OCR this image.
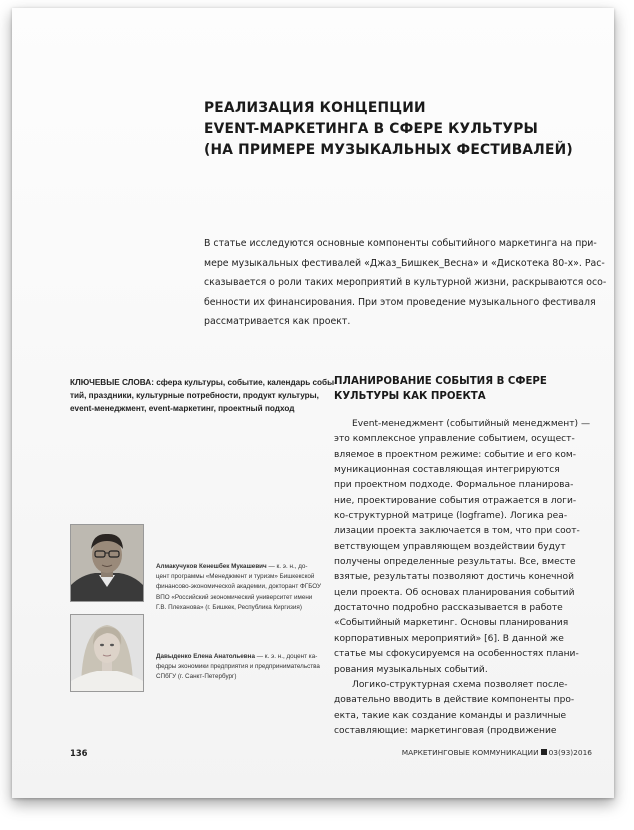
РЕАЛИЗАЦИЯ КОНЦЕПЦИИ
EVENT-МАРКЕТИНГА В СФЕРЕ КУЛЬТУРЫ
(НА ПРИМЕРЕ МУЗЫКАЛЬНЫХ ФЕСТИВАЛЕЙ)

В статье исследуются основные компоненты событийного маркетинга на при-
мере музыкальных фестивалей «Джаз_Бишкек_Весна» и «Дискотека 80-х». Рас-
сказывается о роли таких мероприятий в культурной жизни, раскрываются осо-
бенности их финансирования. При этом проведение музыкального фестиваля
рассматривается как проект.

КЛЮЧЕВЫЕ СЛОВА: сфера культуры, событие, календарь собы-
тий, праздники, культурные потребности, продукт культуры,
event-менеджмент, event-маркетинг, проектный подход
ПЛАНИРОВАНИЕ СОБЫТИЯ В СФЕРЕ
КУЛЬТУРЫ КАК ПРОЕКТА
Event-менеджмент (событийный менеджмент) —
это комплексное управление событием, осущест-
вляемое в проектном режиме: событие и его ком-
муникационная составляющая интегрируются
при проектном подходе. Формальное планирова-
ние, проектирование события отражается в логи-
ко-структурной матрице (logframe). Логика реа-
лизации проекта заключается в том, что при соот-
ветствующем управляющем воздействии будут
получены определенные результаты. Все, вместе
взятые, результаты позволяют достичь конечной
цели проекта. Об основах планирования событий
достаточно подробно рассказывается в работе
«Событийный маркетинг. Основы планирования
корпоративных мероприятий» [6]. В данной же
статье мы сфокусируемся на особенностях плани-
рования музыкальных событий.
Логико-структурная схема позволяет после-
довательно вводить в действие компоненты про-
екта, такие как создание команды и различные
составляющие: маркетинговая (продвижение
Алмакучуков Кенешбек Мукашевич — к. э. н., до-
цент программы «Менеджмент и туризм» Бишкекской
финансово-экономической академии, докторант ФГБОУ
ВПО «Российский экономический университет имени
Г.В. Плеханова» (г. Бишкек, Республика Киргизия)
Давыденко Елена Анатольевна — к. э. н., доцент ка-
федры экономики предприятия и предпринимательства
СПбГУ (г. Санкт-Петербург)
136	МАРКЕТИНГОВЫЕ КОММУНИКАЦИИ 03(93)2016
